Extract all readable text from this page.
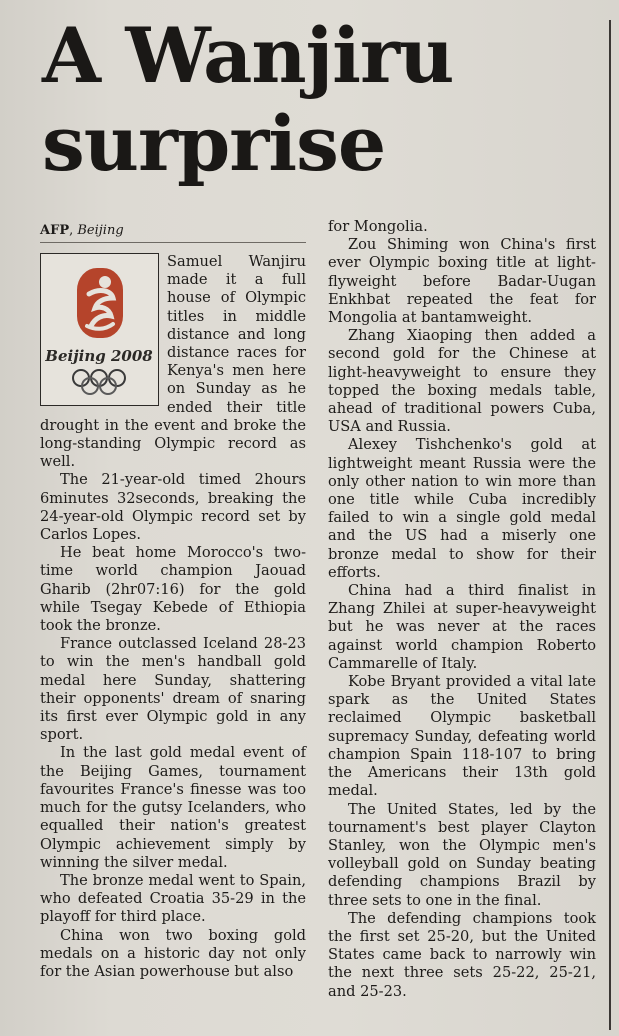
A Wanjiru
surprise
AFP, Beijing
Beijing 2008

Samuel Wanjiru made it a full house of Olympic titles in middle distance and long distance races for Kenya's men here on Sunday as he ended their title drought in the event and broke the long-standing Olympic record as well.

The 21-year-old timed 2hours 6minutes 32seconds, breaking the 24-year-old Olympic record set by Carlos Lopes.

He beat home Morocco's two-time world champion Jaouad Gharib (2hr07:16) for the gold while Tsegay Kebede of Ethiopia took the bronze.

France outclassed Iceland 28-23 to win the men's handball gold medal here Sunday, shattering their opponents' dream of snaring its first ever Olympic gold in any sport.

In the last gold medal event of the Beijing Games, tournament favourites France's finesse was too much for the gutsy Icelanders, who equalled their nation's greatest Olympic achievement simply by winning the silver medal.

The bronze medal went to Spain, who defeated Croatia 35-29 in the playoff for third place.

China won two boxing gold medals on a historic day not only for the Asian powerhouse but also

for Mongolia.

Zou Shiming won China's first ever Olympic boxing title at light-flyweight before Badar-Uugan Enkhbat repeated the feat for Mongolia at bantamweight.

Zhang Xiaoping then added a second gold for the Chinese at light-heavyweight to ensure they topped the boxing medals table, ahead of traditional powers Cuba, USA and Russia.

Alexey Tishchenko's gold at lightweight meant Russia were the only other nation to win more than one title while Cuba incredibly failed to win a single gold medal and the US had a miserly one bronze medal to show for their efforts.

China had a third finalist in Zhang Zhilei at super-heavyweight but he was never at the races against world champion Roberto Cammarelle of Italy.

Kobe Bryant provided a vital late spark as the United States reclaimed Olympic basketball supremacy Sunday, defeating world champion Spain 118-107 to bring the Americans their 13th gold medal.

The United States, led by the tournament's best player Clayton Stanley, won the Olympic men's volleyball gold on Sunday beating defending champions Brazil by three sets to one in the final.

The defending champions took the first set 25-20, but the United States came back to narrowly win the next three sets 25-22, 25-21, and 25-23.
